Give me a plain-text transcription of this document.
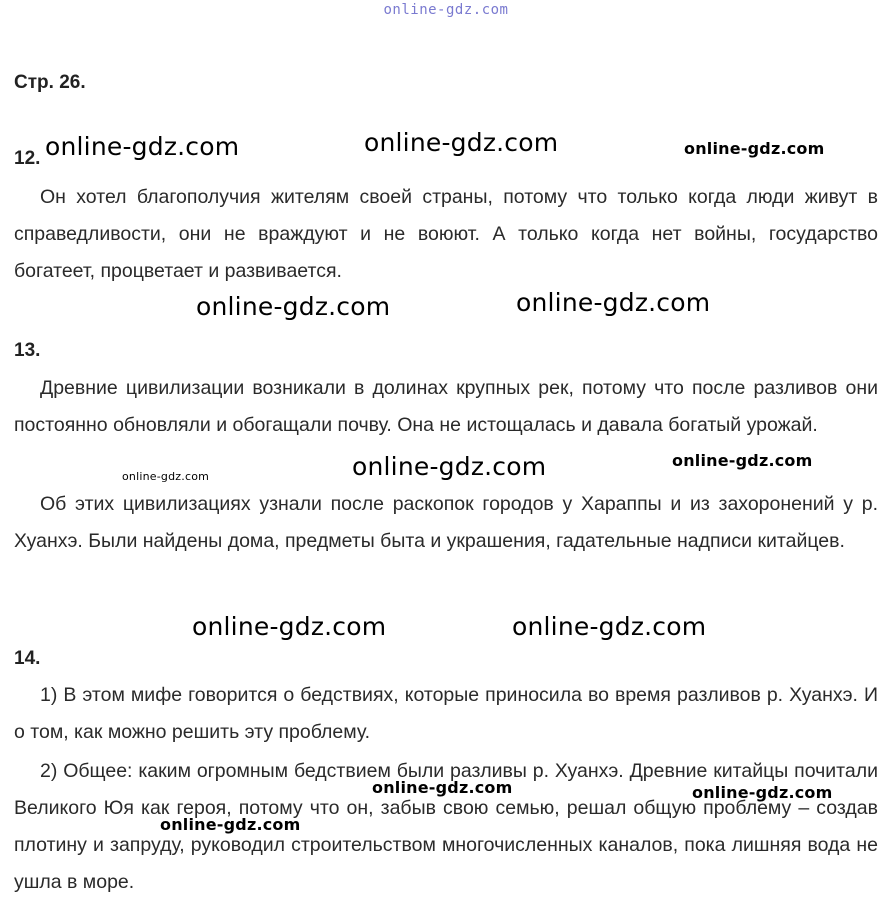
online-gdz.com
Стр. 26.
12.
Он хотел благополучия жителям своей страны, потому что только когда люди живут в справедливости, они не враждуют и не воюют. А только когда нет войны, государство богатеет, процветает и развивается.
13.
Древние цивилизации возникали в долинах крупных рек, потому что после разливов они постоянно обновляли и обогащали почву. Она не истощалась и давала богатый урожай.
Об этих цивилизациях узнали после раскопок городов у Хараппы и из захоронений у р. Хуанхэ. Были найдены дома, предметы быта и украшения, гадательные надписи китайцев.
14.
1) В этом мифе говорится о бедствиях, которые приносила во время разливов р. Хуанхэ. И о том, как можно решить эту проблему.
2) Общее: каким огромным бедствием были разливы р. Хуанхэ. Древние китайцы почитали Великого Юя как героя, потому что он, забыв свою семью, решал общую проблему – создав плотину и запруду, руководил строительством многочисленных каналов, пока лишняя вода не ушла в море.
online-gdz.com	online-gdz.com	online-gdz.com
online-gdz.com	online-gdz.com
online-gdz.com	online-gdz.com	online-gdz.com
online-gdz.com	online-gdz.com
online-gdz.com	online-gdz.com
online-gdz.com
